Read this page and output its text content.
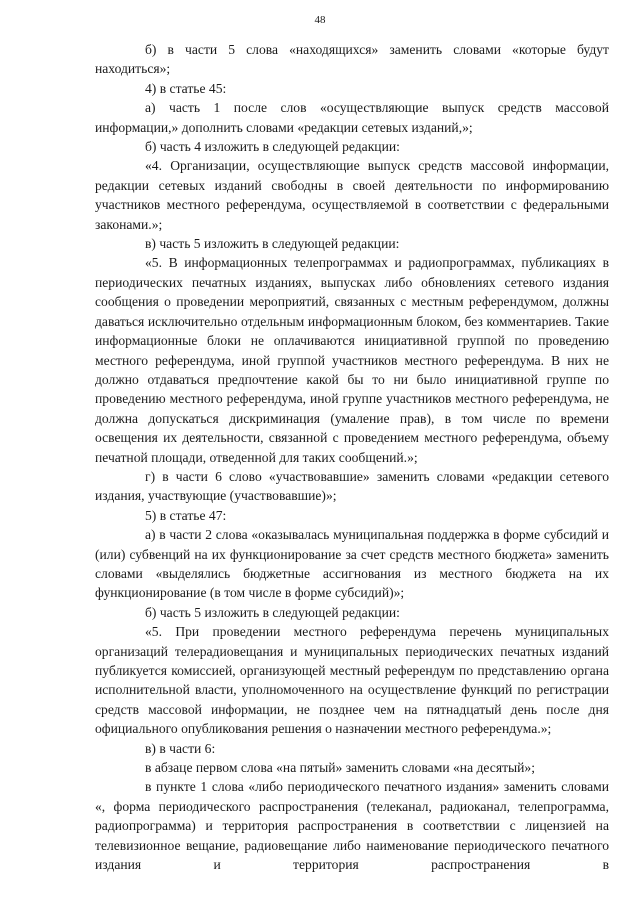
48

б) в части 5 слова «находящихся» заменить словами «которые будут находиться»;

4) в статье 45:

а) часть 1 после слов «осуществляющие выпуск средств массовой информации,» дополнить словами «редакции сетевых изданий,»;

б) часть 4 изложить в следующей редакции:

«4. Организации, осуществляющие выпуск средств массовой информации, редакции сетевых изданий свободны в своей деятельности по информированию участников местного референдума, осуществляемой в соответствии с федеральными законами.»;

в) часть 5 изложить в следующей редакции:

«5. В информационных телепрограммах и радиопрограммах, публикациях в периодических печатных изданиях, выпусках либо обновлениях сетевого издания сообщения о проведении мероприятий, связанных с местным референдумом, должны даваться исключительно отдельным информационным блоком, без комментариев. Такие информационные блоки не оплачиваются инициативной группой по проведению местного референдума, иной группой участников местного референдума. В них не должно отдаваться предпочтение какой бы то ни было инициативной группе по проведению местного референдума, иной группе участников местного референдума, не должна допускаться дискриминация (умаление прав), в том числе по времени освещения их деятельности, связанной с проведением местного референдума, объему печатной площади, отведенной для таких сообщений.»;

г) в части 6 слово «участвовавшие» заменить словами «редакции сетевого издания, участвующие (участвовавшие)»;

5) в статье 47:

а) в части 2 слова «оказывалась муниципальная поддержка в форме субсидий и (или) субвенций на их функционирование за счет средств местного бюджета» заменить словами «выделялись бюджетные ассигнования из местного бюджета на их функционирование (в том числе в форме субсидий)»;

б) часть 5 изложить в следующей редакции:

«5. При проведении местного референдума перечень муниципальных организаций телерадиовещания и муниципальных периодических печатных изданий публикуется комиссией, организующей местный референдум по представлению органа исполнительной власти, уполномоченного на осуществление функций по регистрации средств массовой информации, не позднее чем на пятнадцатый день после дня официального опубликования решения о назначении местного референдума.»;

в) в части 6:

в абзаце первом слова «на пятый» заменить словами «на десятый»;

в пункте 1 слова «либо периодического печатного издания» заменить словами «, форма периодического распространения (телеканал, радиоканал, телепрограмма, радиопрограмма) и территория распространения в соответствии с лицензией на телевизионное вещание, радиовещание либо наименование периодического печатного издания и территория распространения в
